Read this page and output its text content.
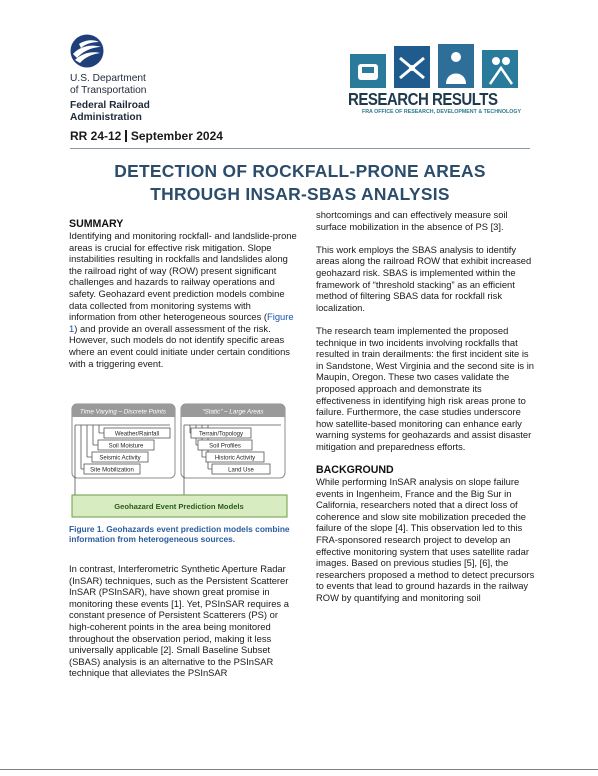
U.S. Department
of Transportation
Federal Railroad
Administration
RESEARCH RESULTS
FRA OFFICE OF RESEARCH, DEVELOPMENT & TECHNOLOGY
RR 24-12 September 2024
DETECTION OF ROCKFALL-PRONE AREAS
THROUGH INSAR-SBAS ANALYSIS

SUMMARY

Identifying and monitoring rockfall- and landslide-prone areas is crucial for effective risk mitigation. Slope instabilities resulting in rockfalls and landslides along the railroad right of way (ROW) present significant challenges and hazards to railway operations and safety. Geohazard event prediction models combine data collected from monitoring systems with information from other heterogeneous sources (Figure 1) and provide an overall assessment of the risk. However, such models do not identify specific areas where an event could initiate under certain conditions with a triggering event.

Time Varying – Discrete Points	“Static” – Large Areas
Weather/Rainfall
Soil Moisture
Seismic Activity
Site Mobilization
Terrain/Topology
Soil Profiles
Historic Activity
Land Use
Geohazard Event Prediction Models
Figure 1. Geohazards event prediction models combine information from heterogeneous sources.

In contrast, Interferometric Synthetic Aperture Radar (InSAR) techniques, such as the Persistent Scatterer InSAR (PSInSAR), have shown great promise in monitoring these events [1]. Yet, PSInSAR requires a constant presence of Persistent Scatterers (PS) or high-coherent points in the area being monitored throughout the observation period, making it less universally applicable [2]. Small Baseline Subset (SBAS) analysis is an alternative to the PSInSAR technique that alleviates the PSInSAR

shortcomings and can effectively measure soil surface mobilization in the absence of PS [3].

This work employs the SBAS analysis to identify areas along the railroad ROW that exhibit increased geohazard risk. SBAS is implemented within the framework of “threshold stacking” as an efficient method of filtering SBAS data for rockfall risk localization.

The research team implemented the proposed technique in two incidents involving rockfalls that resulted in train derailments: the first incident site is in Sandstone, West Virginia and the second site is in Maupin, Oregon. These two cases validate the proposed approach and demonstrate its effectiveness in identifying high risk areas prone to failure. Furthermore, the case studies underscore how satellite-based monitoring can enhance early warning systems for geohazards and assist disaster mitigation and preparedness efforts.

BACKGROUND

While performing InSAR analysis on slope failure events in Ingenheim, France and the Big Sur in California, researchers noted that a direct loss of coherence and slow site mobilization preceded the failure of the slope [4]. This observation led to this FRA-sponsored research project to develop an effective monitoring system that uses satellite radar images. Based on previous studies [5], [6], the researchers proposed a method to detect precursors to events that lead to ground hazards in the railway ROW by quantifying and monitoring soil
